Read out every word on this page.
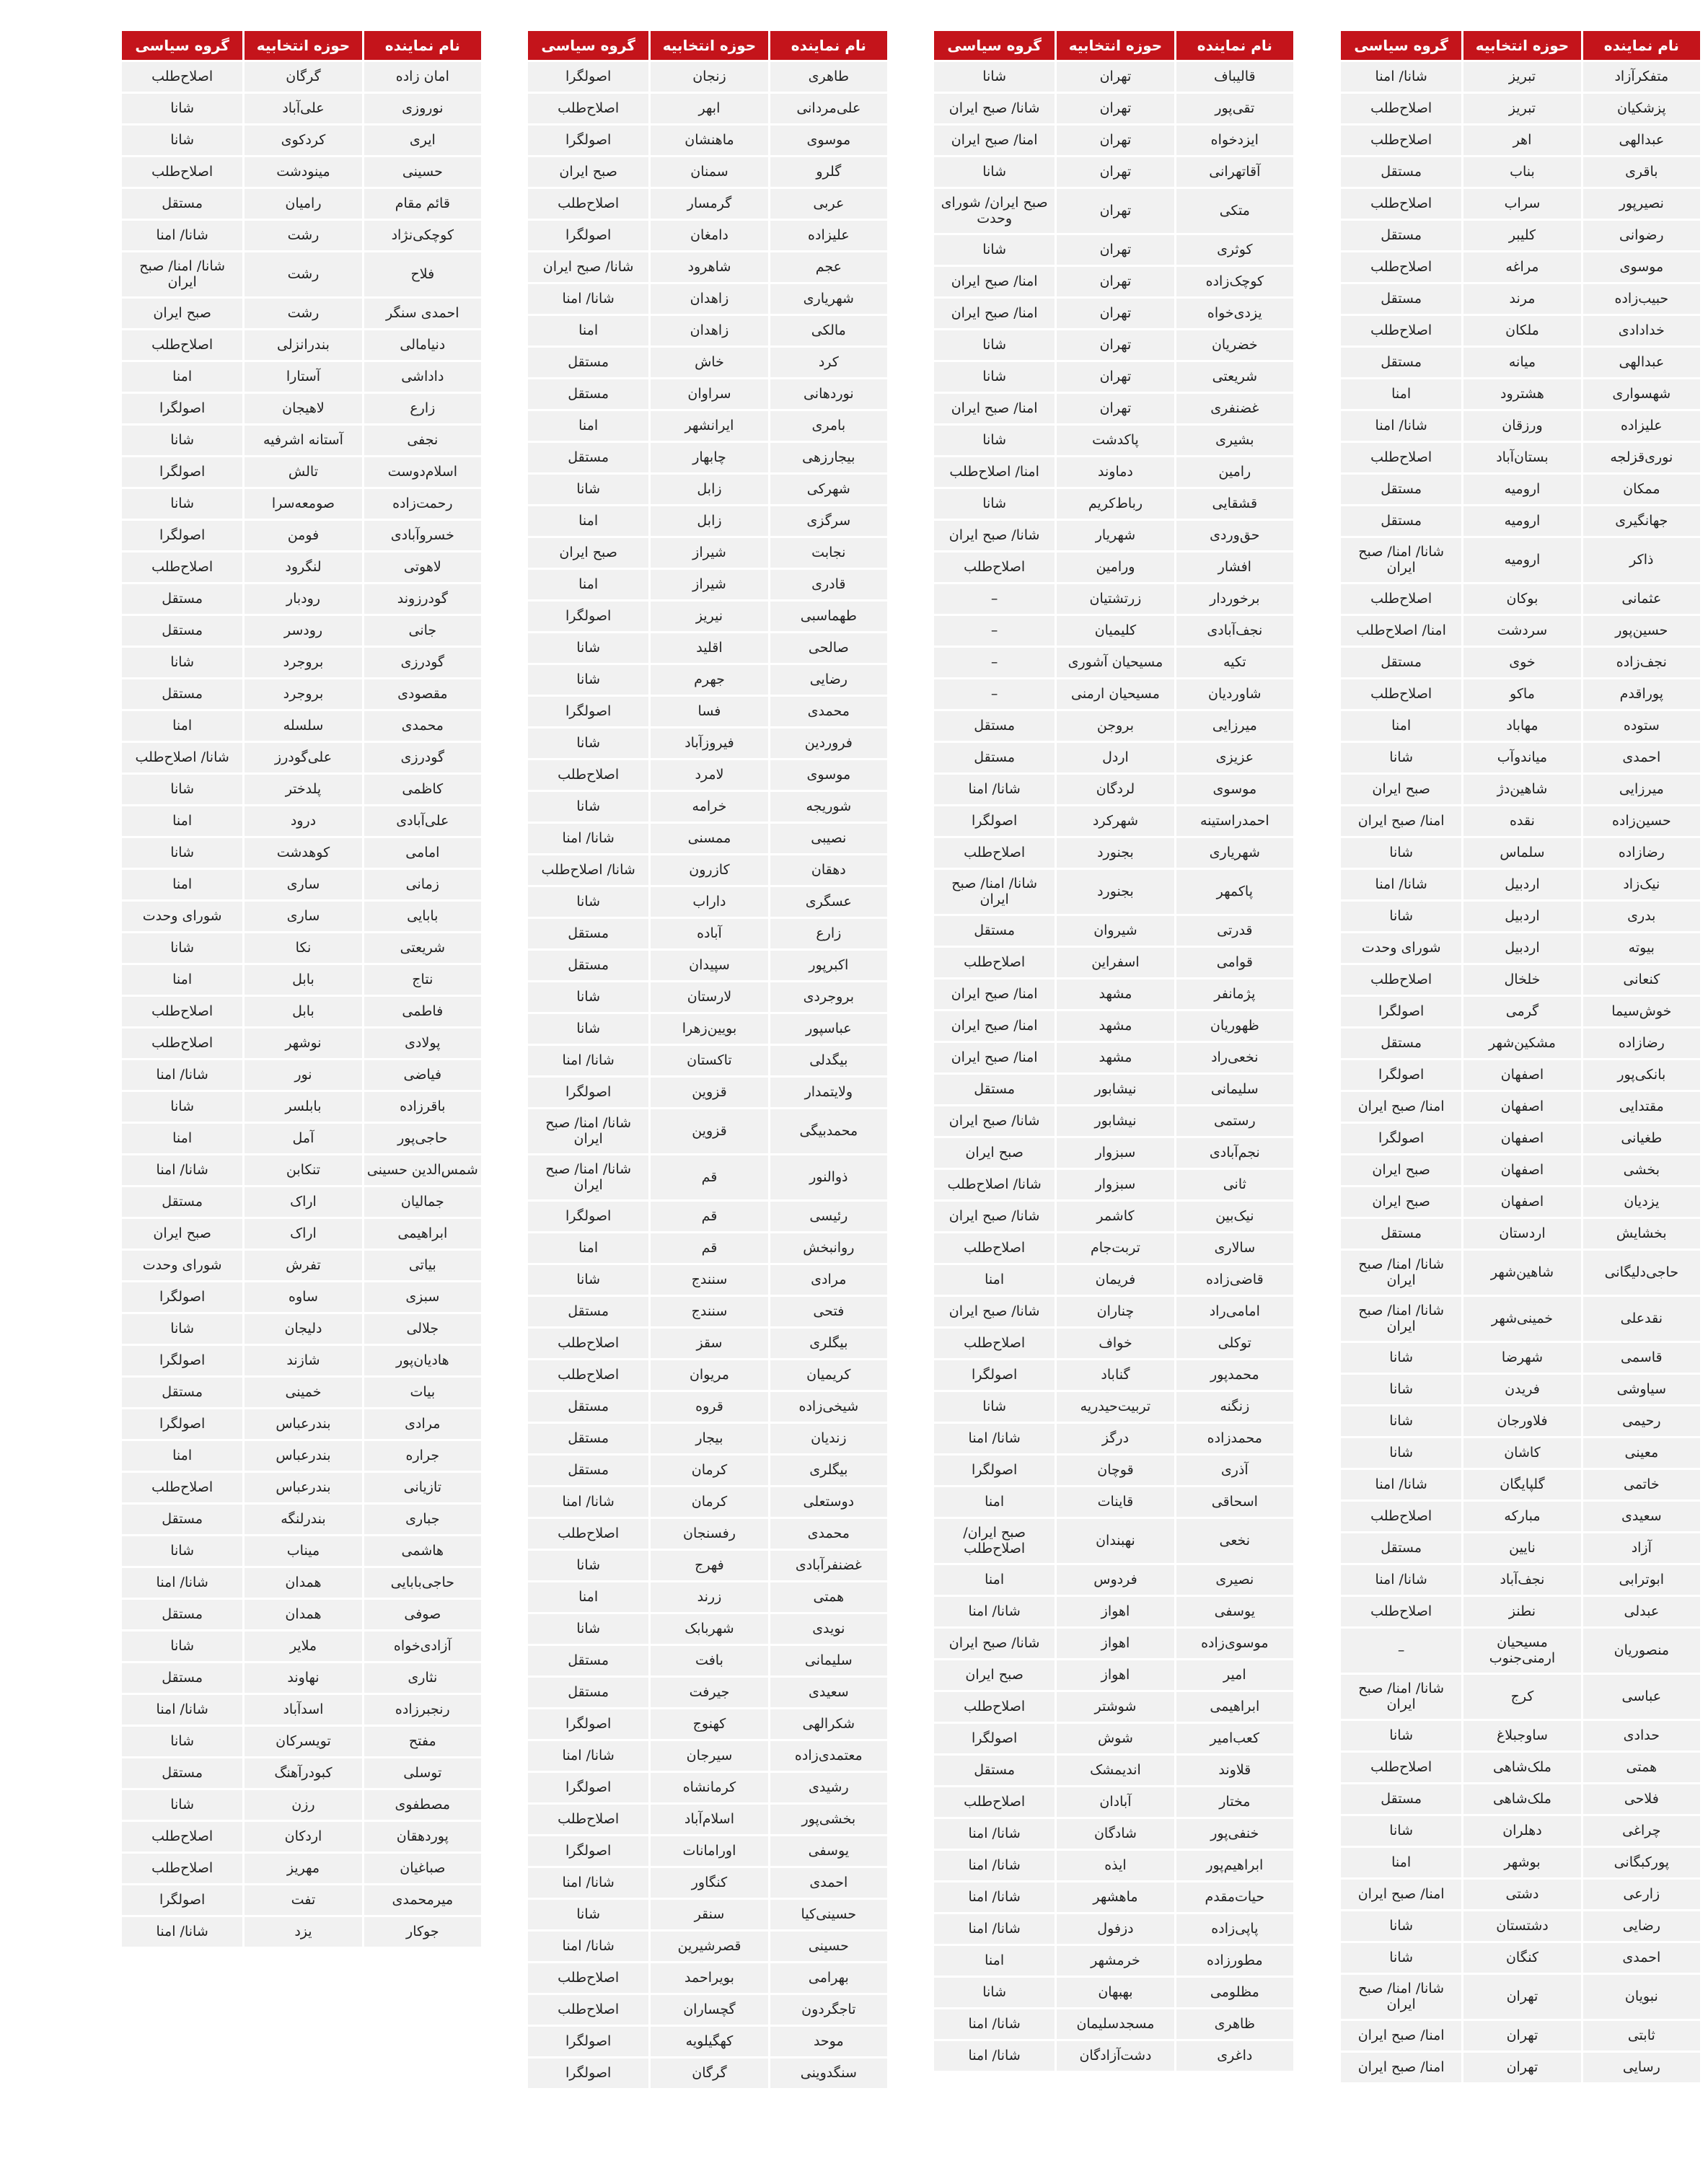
نام نماینده	حوزه انتخابیه	گروه سیاسی
متفکرآزاد	تبریز	شانا/ امنا
پزشکیان	تبریز	اصلاح‌طلب
عبدالهی	اهر	اصلاح‌طلب
باقری	بناب	مستقل
نصیرپور	سراب	اصلاح‌طلب
رضوانی	کلیبر	مستقل
موسوی	مراغه	اصلاح‌طلب
حبیب‌زاده	مرند	مستقل
خدادادی	ملکان	اصلاح‌طلب
عبدالهی	میانه	مستقل
شهسواری	هشترود	امنا
علیزاده	ورزقان	شانا/ امنا
نوری‌قزلجه	بستان‌آباد	اصلاح‌طلب
ممکان	ارومیه	مستقل
جهانگیری	ارومیه	مستقل
ذاکر	ارومیه	شانا/ امنا/ صبح ایران
عثمانی	بوکان	اصلاح‌طلب
حسین‌پور	سردشت	امنا/ اصلاح‌طلب
نجف‌زاده	خوی	مستقل
پوراقدم	ماکو	اصلاح‌طلب
ستوده	مهاباد	امنا
احمدی	میاندوآب	شانا
میرزایی	شاهین‌دژ	صبح ایران
حسین‌زاده	نقده	امنا/ صبح ایران
رضازاده	سلماس	شانا
نیک‌زاد	اردبیل	شانا/ امنا
بدری	اردبیل	شانا
بیوته	اردبیل	شورای وحدت
کنعانی	خلخال	اصلاح‌طلب
خوش‌سیما	گرمی	اصولگرا
رضازاده	مشکین‌شهر	مستقل
بانکی‌پور	اصفهان	اصولگرا
مقتدایی	اصفهان	امنا/ صبح ایران
طغیانی	اصفهان	اصولگرا
بخشی	اصفهان	صبح ایران
یزدیان	اصفهان	صبح ایران
بخشایش	اردستان	مستقل
حاجی‌دلیگانی	شاهین‌شهر	شانا/ امنا/ صبح ایران
نقدعلی	خمینی‌شهر	شانا/ امنا/ صبح ایران
قاسمی	شهرضا	شانا
سیاوشی	فریدن	شانا
رحیمی	فلاورجان	شانا
معینی	کاشان	شانا
خاتمی	گلپایگان	شانا/ امنا
سعیدی	مبارکه	اصلاح‌طلب
آزاد	نایین	مستقل
ابوترابی	نجف‌آباد	شانا/ امنا
عبدلی	نطنز	اصلاح‌طلب
منصوریان	مسیحیان ارمنی‌جنوب	–
عباسی	کرج	شانا/ امنا/ صبح ایران
حدادی	ساوجبلاغ	شانا
همتی	ملک‌شاهی	اصلاح‌طلب
فلاحی	ملک‌شاهی	مستقل
چراغی	دهلران	شانا
پورکبگانی	بوشهر	امنا
زارعی	دشتی	امنا/ صبح ایران
رضایی	دشتستان	شانا
احمدی	کنگان	شانا
نبویان	تهران	شانا/ امنا/ صبح ایران
ثابتی	تهران	امنا/ صبح ایران
رسایی	تهران	امنا/ صبح ایران
نام نماینده	حوزه انتخابیه	گروه سیاسی
قالیباف	تهران	شانا
تقی‌پور	تهران	شانا/ صبح ایران
ایزدخواه	تهران	امنا/ صبح ایران
آقاتهرانی	تهران	شانا
متکی	تهران	صبح ایران/ شورای وحدت
کوثری	تهران	شانا
کوچک‌زاده	تهران	امنا/ صبح ایران
یزدی‌خواه	تهران	امنا/ صبح ایران
خضریان	تهران	شانا
شریعتی	تهران	شانا
غضنفری	تهران	امنا/ صبح ایران
بشیری	پاکدشت	شانا
رامین	دماوند	امنا/ اصلاح‌طلب
قشقایی	رباط‌کریم	شانا
حق‌وردی	شهریار	شانا/ صبح ایران
افشار	ورامین	اصلاح‌طلب
برخوردار	زرتشتیان	–
نجف‌آبادی	کلیمیان	–
تکیه	مسیحیان آشوری	–
شاوردیان	مسیحیان ارمنی	–
میرزایی	بروجن	مستقل
عزیزی	اردل	مستقل
موسوی	لردگان	شانا/ امنا
احمدراستینه	شهرکرد	اصولگرا
شهریاری	بجنورد	اصلاح‌طلب
پاکمهر	بجنورد	شانا/ امنا/ صبح ایران
قدرتی	شیروان	مستقل
قوامی	اسفراین	اصلاح‌طلب
پژمانفر	مشهد	امنا/ صبح ایران
ظهوریان	مشهد	امنا/ صبح ایران
نخعی‌راد	مشهد	امنا/ صبح ایران
سلیمانی	نیشابور	مستقل
رستمی	نیشابور	شانا/ صبح ایران
نجم‌آبادی	سبزوار	صبح ایران
ثانی	سبزوار	شانا/ اصلاح‌طلب
نیک‌بین	کاشمر	شانا/ صبح ایران
سالاری	تربت‌جام	اصلاح‌طلب
قاضی‌زاده	فریمان	امنا
امامی‌راد	چناران	شانا/ صبح ایران
توکلی	خواف	اصلاح‌طلب
محمدپور	گناباد	اصولگرا
زنگنه	تربیت‌حیدریه	شانا
محمدزاده	درگز	شانا/ امنا
آذری	قوچان	اصولگرا
اسحاقی	قاینات	امنا
نخعی	نهبندان	صبح ایران/ اصلاح‌طلب
نصیری	فردوس	امنا
یوسفی	اهواز	شانا/ امنا
موسوی‌زاده	اهواز	شانا/ صبح ایران
امیر	اهواز	صبح ایران
ابراهیمی	شوشتر	اصلاح‌طلب
کعب‌امیر	شوش	اصولگرا
قلاوند	اندیمشک	مستقل
مختار	آبادان	اصلاح‌طلب
خنفی‌پور	شادگان	شانا/ امنا
ابراهیم‌پور	ایذه	شانا/ امنا
حیات‌مقدم	ماهشهر	شانا/ امنا
پاپی‌زاده	دزفول	شانا/ امنا
مطورزاده	خرمشهر	امنا
مظلومی	بهبهان	شانا
ظاهری	مسجدسلیمان	شانا/ امنا
داغری	دشت‌آزادگان	شانا/ امنا
نام نماینده	حوزه انتخابیه	گروه سیاسی
طاهری	زنجان	اصولگرا
علی‌مردانی	ابهر	اصلاح‌طلب
موسوی	ماهنشان	اصولگرا
گلرو	سمنان	صبح ایران
عربی	گرمسار	اصلاح‌طلب
علیزاده	دامغان	اصولگرا
عجم	شاهرود	شانا/ صبح ایران
شهریاری	زاهدان	شانا/ امنا
مالکی	زاهدان	امنا
کرد	خاش	مستقل
نوردهانی	سراوان	مستقل
بامری	ایرانشهر	امنا
بیجارزهی	چابهار	مستقل
شهرکی	زابل	شانا
سرگزی	زابل	امنا
نجابت	شیراز	صبح ایران
قادری	شیراز	امنا
طهماسبی	نیریز	اصولگرا
صالحی	اقلید	شانا
رضایی	جهرم	شانا
محمدی	فسا	اصولگرا
فروردین	فیروزآباد	شانا
موسوی	لامرد	اصلاح‌طلب
شوریجه	خرامه	شانا
نصیبی	ممسنی	شانا/ امنا
دهقان	کازرون	شانا/ اصلاح‌طلب
عسگری	داراب	شانا
زارع	آباده	مستقل
اکبرپور	سپیدان	مستقل
بروجردی	لارستان	شانا
عباسپور	بویین‌زهرا	شانا
بیگدلی	تاکستان	شانا/ امنا
ولایتمدار	قزوین	اصولگرا
محمدبیگی	قزوین	شانا/ امنا/ صبح ایران
ذوالنور	قم	شانا/ امنا/ صبح ایران
رئیسی	قم	اصولگرا
روانبخش	قم	امنا
مرادی	سنندج	شانا
فتحی	سنندج	مستقل
بیگلری	سقز	اصلاح‌طلب
کریمیان	مریوان	اصلاح‌طلب
شیخی‌زاده	قروه	مستقل
زندیان	بیجار	مستقل
بیگلری	کرمان	مستقل
دوستعلی	کرمان	شانا/ امنا
محمدی	رفسنجان	اصلاح‌طلب
غضنفرآبادی	فهرج	شانا
همتی	زرند	امنا
نویدی	شهربابک	شانا
سلیمانی	بافت	مستقل
سعیدی	جیرفت	مستقل
شکرالهی	کهنوج	اصولگرا
معتمدی‌زاده	سیرجان	شانا/ امنا
رشیدی	کرمانشاه	اصولگرا
بخشی‌پور	اسلام‌آباد	اصلاح‌طلب
یوسفی	اورامانات	اصولگرا
احمدی	کنگاور	شانا/ امنا
حسینی‌کیا	سنقر	شانا
حسینی	قصرشیرین	شانا/ امنا
بهرامی	بویراحمد	اصلاح‌طلب
تاجگردون	گچساران	اصلاح‌طلب
موحد	کهگیلویه	اصولگرا
سنگدوینی	گرگان	اصولگرا
نام نماینده	حوزه انتخابیه	گروه سیاسی
امان زاده	گرگان	اصلاح‌طلب
نوروزی	علی‌آباد	شانا
ایری	کردکوی	شانا
حسینی	مینودشت	اصلاح‌طلب
قائم مقام	رامیان	مستقل
کوچکی‌نژاد	رشت	شانا/ امنا
فلاح	رشت	شانا/ امنا/ صبح ایران
احمدی سنگر	رشت	صبح ایران
دنیامالی	بندرانزلی	اصلاح‌طلب
داداشی	آستارا	امنا
زارع	لاهیجان	اصولگرا
نجفی	آستانه اشرفیه	شانا
اسلام‌دوست	تالش	اصولگرا
رحمت‌زاده	صومعه‌سرا	شانا
خسروآبادی	فومن	اصولگرا
لاهوتی	لنگرود	اصلاح‌طلب
گودرزوند	رودبار	مستقل
جانی	رودسر	مستقل
گودرزی	بروجرد	شانا
مقصودی	بروجرد	مستقل
محمدی	سلسله	امنا
گودرزی	علی‌گودرز	شانا/ اصلاح‌طلب
کاظمی	پلدختر	شانا
علی‌آبادی	درود	امنا
امامی	کوهدشت	شانا
زمانی	ساری	امنا
بابایی	ساری	شورای وحدت
شریعتی	نکا	شانا
نتاج	بابل	امنا
فاطمی	بابل	اصلاح‌طلب
پولادی	نوشهر	اصلاح‌طلب
فیاضی	نور	شانا/ امنا
باقرزاده	بابلسر	شانا
حاجی‌پور	آمل	امنا
شمس‌الدین حسینی	تنکابن	شانا/ امنا
جمالیان	اراک	مستقل
ابراهیمی	اراک	صبح ایران
بیاتی	تفرش	شورای وحدت
سبزی	ساوه	اصولگرا
جلالی	دلیجان	شانا
هادیان‌پور	شازند	اصولگرا
بیات	خمینی	مستقل
مرادی	بندرعباس	اصولگرا
جراره	بندرعباس	امنا
تازیانی	بندرعباس	اصلاح‌طلب
جباری	بندرلنگه	مستقل
هاشمی	میناب	شانا
حاجی‌بابایی	همدان	شانا/ امنا
صوفی	همدان	مستقل
آزادی‌خواه	ملایر	شانا
نثاری	نهاوند	مستقل
رنجبرزاده	اسدآباد	شانا/ امنا
مفتح	تویسرکان	شانا
توسلی	کبودرآهنگ	مستقل
مصطفوی	رزن	شانا
پوردهقان	اردکان	اصلاح‌طلب
صباغیان	مهریز	اصلاح‌طلب
میرمحمدی	تفت	اصولگرا
جوکار	یزد	شانا/ امنا
